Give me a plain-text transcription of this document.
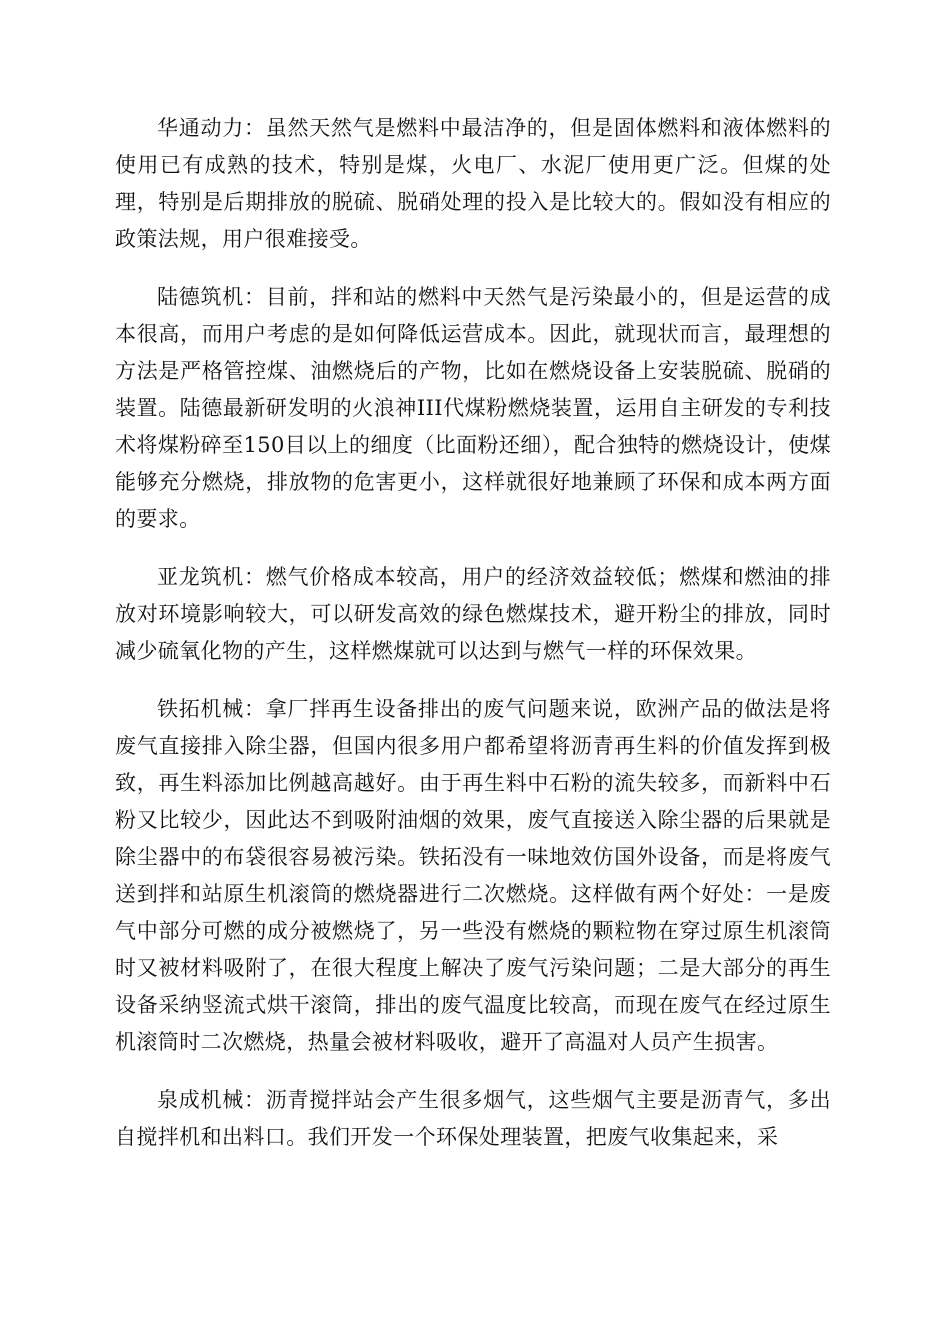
华通动力：虽然天然气是燃料中最洁净的，但是固体燃料和液体燃料的使用已有成熟的技术，特别是煤，火电厂、水泥厂使用更广泛。但煤的处理，特别是后期排放的脱硫、脱硝处理的投入是比较大的。假如没有相应的政策法规，用户很难接受。

陆德筑机：目前，拌和站的燃料中天然气是污染最小的，但是运营的成本很高，而用户考虑的是如何降低运营成本。因此，就现状而言，最理想的方法是严格管控煤、油燃烧后的产物，比如在燃烧设备上安装脱硫、脱硝的装置。陆德最新研发明的火浪神III代煤粉燃烧装置，运用自主研发的专利技术将煤粉碎至150目以上的细度（比面粉还细），配合独特的燃烧设计，使煤能够充分燃烧，排放物的危害更小，这样就很好地兼顾了环保和成本两方面的要求。

亚龙筑机：燃气价格成本较高，用户的经济效益较低；燃煤和燃油的排放对环境影响较大，可以研发高效的绿色燃煤技术，避开粉尘的排放，同时减少硫氧化物的产生，这样燃煤就可以达到与燃气一样的环保效果。

铁拓机械：拿厂拌再生设备排出的废气问题来说，欧洲产品的做法是将废气直接排入除尘器，但国内很多用户都希望将沥青再生料的价值发挥到极致，再生料添加比例越高越好。由于再生料中石粉的流失较多，而新料中石粉又比较少，因此达不到吸附油烟的效果，废气直接送入除尘器的后果就是除尘器中的布袋很容易被污染。铁拓没有一味地效仿国外设备，而是将废气送到拌和站原生机滚筒的燃烧器进行二次燃烧。这样做有两个好处：一是废气中部分可燃的成分被燃烧了，另一些没有燃烧的颗粒物在穿过原生机滚筒时又被材料吸附了，在很大程度上解决了废气污染问题；二是大部分的再生设备采纳竖流式烘干滚筒，排出的废气温度比较高，而现在废气在经过原生机滚筒时二次燃烧，热量会被材料吸收，避开了高温对人员产生损害。

泉成机械：沥青搅拌站会产生很多烟气，这些烟气主要是沥青气，多出自搅拌机和出料口。我们开发一个环保处理装置，把废气收集起来，采
